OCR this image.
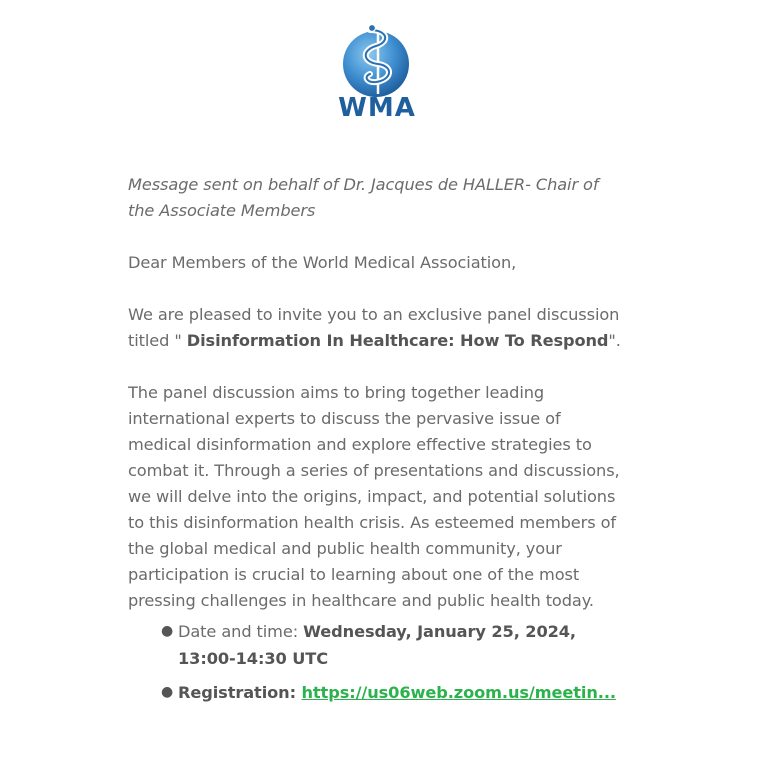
WMA

Message sent on behalf of Dr. Jacques de HALLER- Chair of the Associate Members

Dear Members of the World Medical Association,

We are pleased to invite you to an exclusive panel discussion titled " Disinformation In Healthcare: How To Respond".

The panel discussion aims to bring together leading international experts to discuss the pervasive issue of medical disinformation and explore effective strategies to combat it. Through a series of presentations and discussions, we will delve into the origins, impact, and potential solutions to this disinformation health crisis. As esteemed members of the global medical and public health community, your participation is crucial to learning about one of the most pressing challenges in healthcare and public health today.

● Date and time: Wednesday, January 25, 2024, 13:00-14:30 UTC
● Registration: https://us06web.zoom.us/meetin...
